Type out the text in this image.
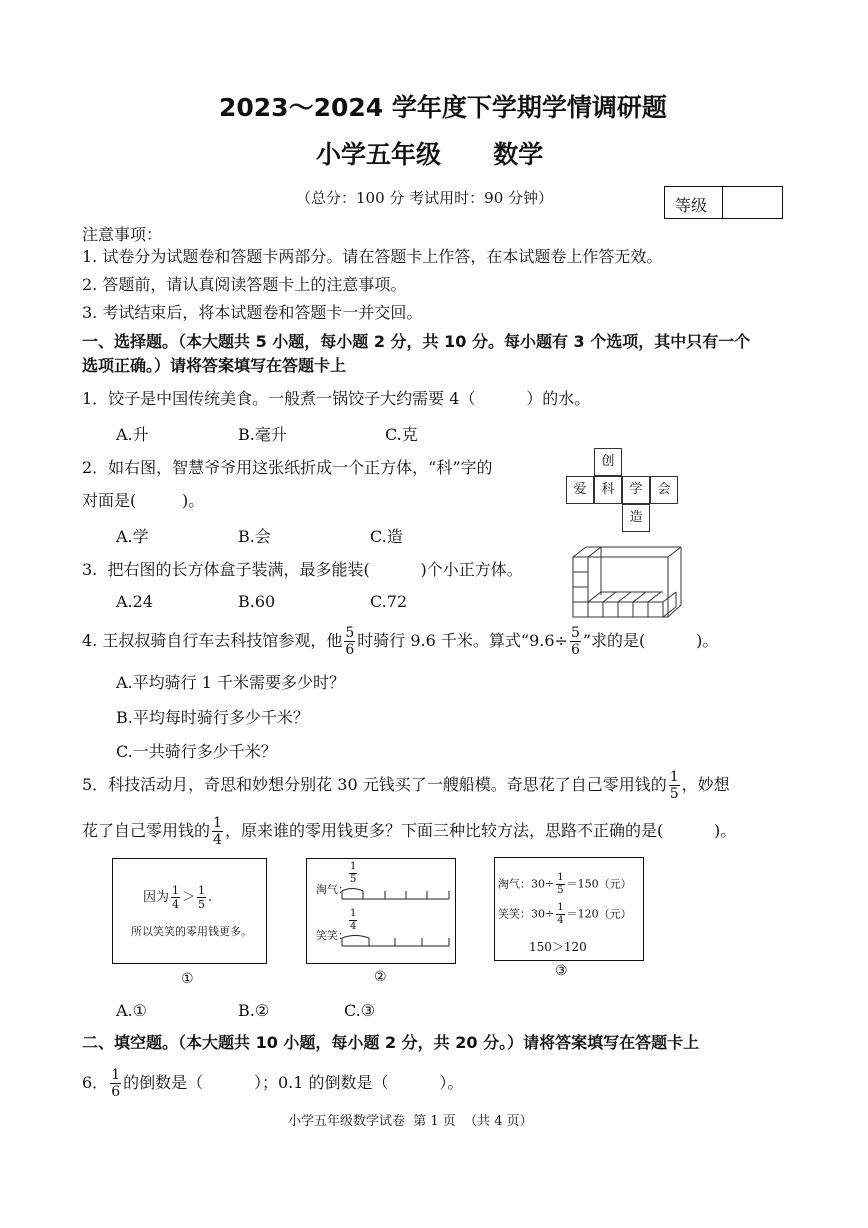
2023～2024 学年度下学期学情调研题
小学五年级      数学
（总分：100 分 考试用时：90 分钟）	等级
注意事项：
1. 试卷分为试题卷和答题卡两部分。请在答题卡上作答，在本试题卷上作答无效。
2. 答题前，请认真阅读答题卡上的注意事项。
3. 考试结束后，将本试题卷和答题卡一并交回。
一、选择题。（本大题共 5 小题，每小题 2 分，共 10 分。每小题有 3 个选项，其中只有一个
选项正确。）请将答案填写在答题卡上
1．饺子是中国传统美食。一般煮一锅饺子大约需要 4（          ）的水。
A.升	B.毫升	C.克
2．如右图，智慧爷爷用这张纸折成一个正方体，“科”字的
对面是(         )。
创
爱	科	学	会
造
A.学	B.会	C.造
3.  把右图的长方体盒子装满，最多能装(          )个小正方体。
A.24	B.60	C.72
4. 王叔叔骑自行车去科技馆参观，他 $\frac{5}{6}$ 时骑行 9.6 千米。算式“$9.6\div \frac{5}{6}$ ”求的是(          )。
A.平均骑行 1 千米需要多少时？
B.平均每时骑行多少千米？
C.一共骑行多少千米？
5．科技活动月，奇思和妙想分别花 30 元钱买了一艘船模。奇思花了自己零用钱的 $\frac{1}{5}$ ，妙想
花了自己零用钱的 $\frac{1}{4}$ ，原来谁的零用钱更多？下面三种比较方法，思路不正确的是(          )。
因为 $\frac{1}{4} > \frac{1}{5}$ .
所以笑笑的零用钱更多。
①
淘气：
笑笑：
$\frac{1}{5}$
$\frac{1}{4}$
②
淘气：$30\div \frac{1}{5} =150$（元）
笑笑：$30\div \frac{1}{4} =120$（元）
150＞120
③
A.①	B.②	C.③
二、填空题。（本大题共 10 小题，每小题 2 分，共 20 分。）请将答案填写在答题卡上
6． $\frac{1}{6}$ 的倒数是（          ）；0.1 的倒数是（          ）。
小学五年级数学试卷  第 1 页  （共 4 页）
